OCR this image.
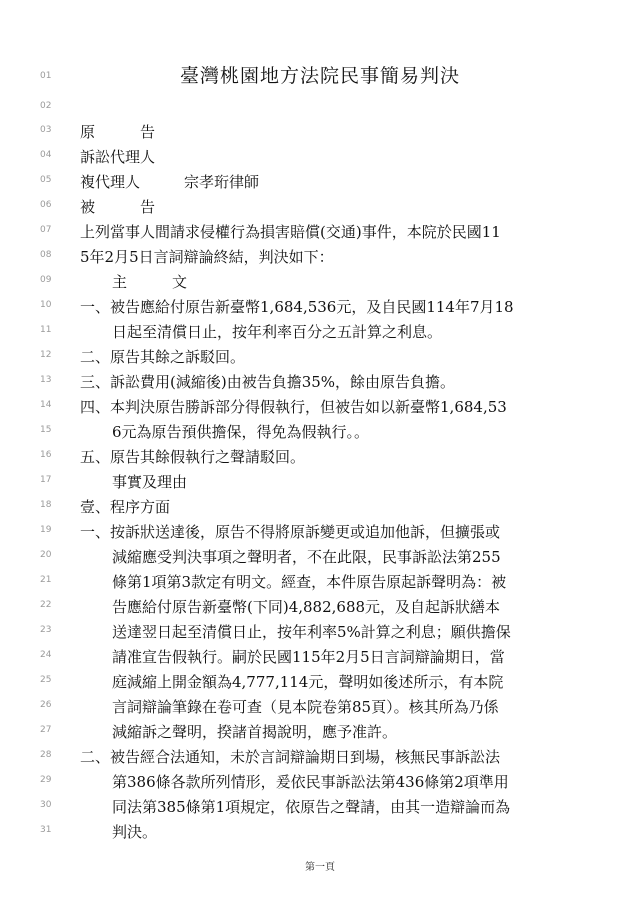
01	臺灣桃園地方法院民事簡易判決
02
03 原　　　告
04 訴訟代理人
05 複代理人	宗孝珩律師
06 被　　　告
07 上列當事人間請求侵權行為損害賠償(交通)事件，本院於民國11
08 5年2月5日言詞辯論終結，判決如下：
09	主　　　文
10 一、被告應給付原告新臺幣1,684,536元，及自民國114年7月18
11	日起至清償日止，按年利率百分之五計算之利息。
12 二、原告其餘之訴駁回。
13 三、訴訟費用(減縮後)由被告負擔35%，餘由原告負擔。
14 四、本判決原告勝訴部分得假執行，但被告如以新臺幣1,684,53
15	6元為原告預供擔保，得免為假執行。。
16 五、原告其餘假執行之聲請駁回。
17	事實及理由
18 壹、程序方面
19 一、按訴狀送達後，原告不得將原訴變更或追加他訴，但擴張或
20	減縮應受判決事項之聲明者，不在此限，民事訴訟法第255
21	條第1項第3款定有明文。經查，本件原告原起訴聲明為：被
22	告應給付原告新臺幣(下同)4,882,688元，及自起訴狀繕本
23	送達翌日起至清償日止，按年利率5%計算之利息；願供擔保
24	請准宣告假執行。嗣於民國115年2月5日言詞辯論期日，當
25	庭減縮上開金額為4,777,114元，聲明如後述所示，有本院
26	言詞辯論筆錄在卷可查（見本院卷第85頁）。核其所為乃係
27	減縮訴之聲明，揆諸首揭說明，應予准許。
28 二、被告經合法通知，未於言詞辯論期日到場，核無民事訴訟法
29	第386條各款所列情形，爰依民事訴訟法第436條第2項準用
30	同法第385條第1項規定，依原告之聲請，由其一造辯論而為
31	判決。
第一頁
